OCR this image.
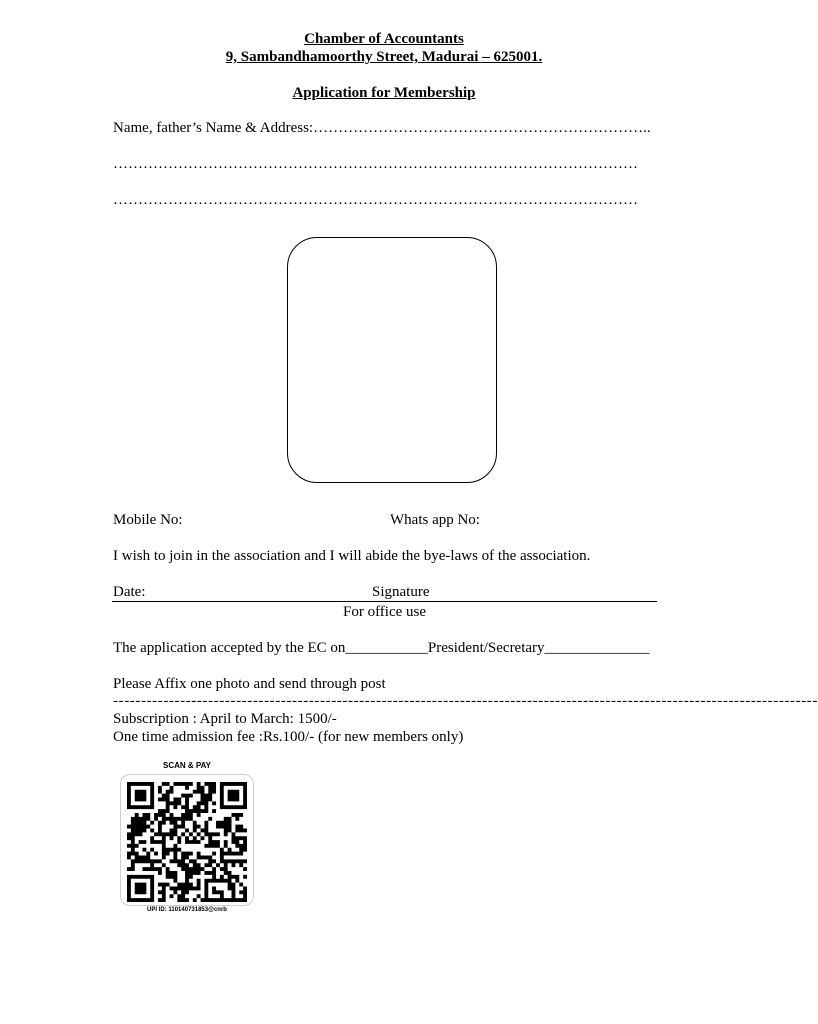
Chamber of Accountants
9, Sambandhamoorthy Street, Madurai – 625001.
Application for Membership
Name, father’s Name & Address:…………………………………………………………..
……………………………………………………………………………………………
……………………………………………………………………………………………
Mobile No:	Whats app No:
I wish to join in the association and I will abide the bye-laws of the association.
Date:	Signature
For office use
The application accepted by the EC on___________President/Secretary______________
Please Affix one photo and send through post
------------------------------------------------------------------------------------------------------------------------------
Subscription : April to March: 1500/-
One time admission fee :Rs.100/- (for new members only)
SCAN & PAY
UPI ID: 110140731853@cnrb
